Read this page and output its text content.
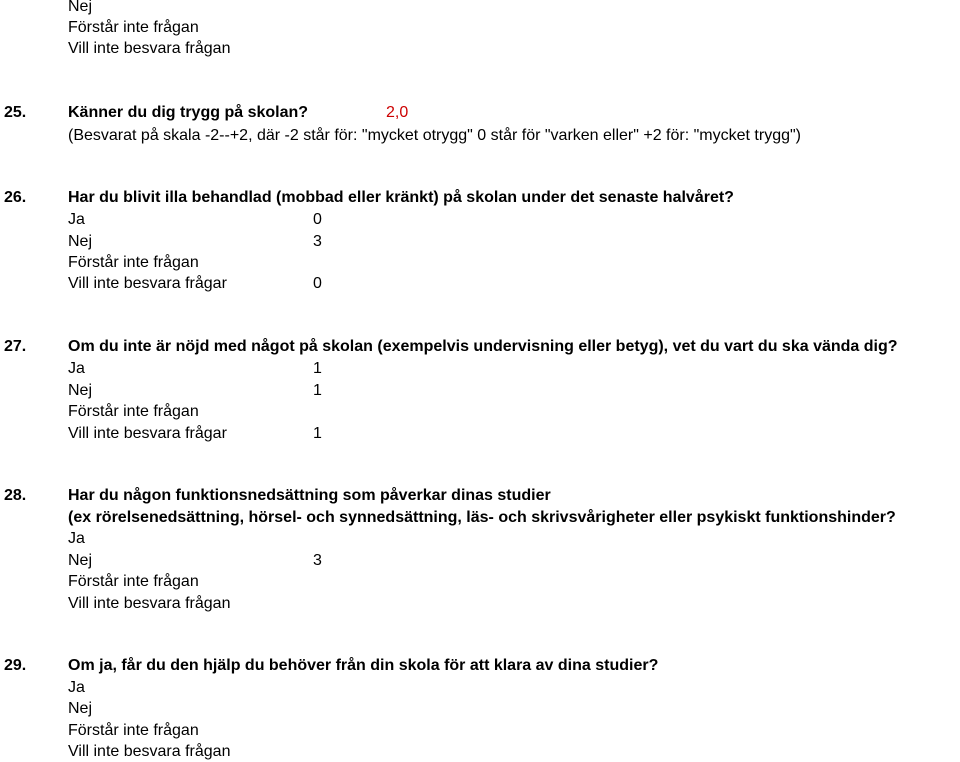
Nej
Förstår inte frågan
Vill inte besvara frågan
25.	Känner du dig trygg på skolan?	2,0
(Besvarat på skala -2--+2, där -2 står för: "mycket otrygg" 0 står för "varken eller" +2 för: "mycket trygg")
26.	Har du blivit illa behandlad (mobbad eller kränkt) på skolan under det senaste halvåret?
Ja	0
Nej	3
Förstår inte frågan
Vill inte besvara frågar	0
27.	Om du inte är nöjd med något på skolan (exempelvis undervisning eller betyg), vet du vart du ska vända dig?
Ja	1
Nej	1
Förstår inte frågan
Vill inte besvara frågar	1
28.	Har du någon funktionsnedsättning som påverkar dinas studier
(ex rörelsenedsättning, hörsel- och synnedsättning, läs- och skrivsvårigheter eller psykiskt funktionshinder?
Ja
Nej	3
Förstår inte frågan
Vill inte besvara frågan
29.	Om ja, får du den hjälp du behöver från din skola för att klara av dina studier?
Ja
Nej
Förstår inte frågan
Vill inte besvara frågan
